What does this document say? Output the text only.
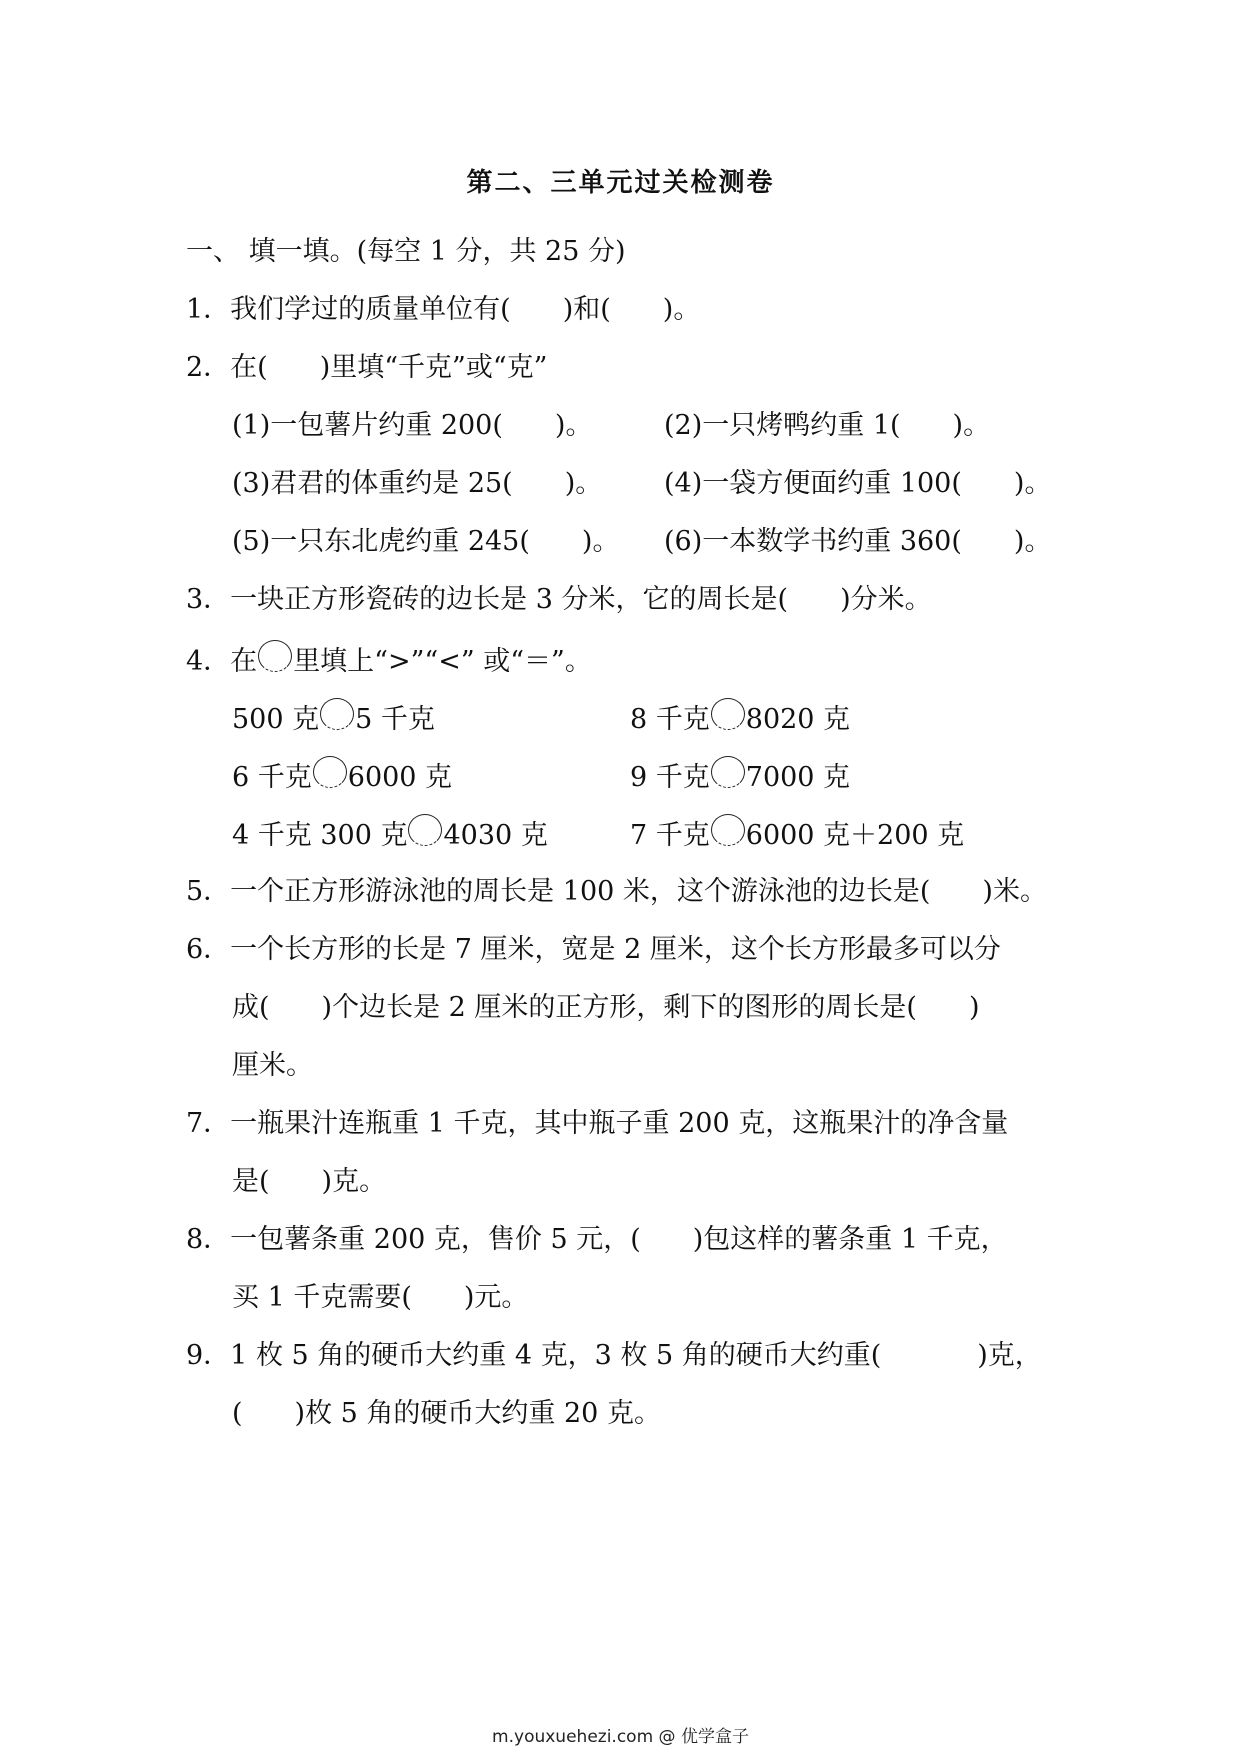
第二、三单元过关检测卷
一、 填一填。(每空 1 分，共 25 分)
1．我们学过的质量单位有( )和( )。
2．在( )里填“千克”或“克”
(1)一包薯片约重 200( )。	(2)一只烤鸭约重 1( )。
(3)君君的体重约是 25( )。 (4)一袋方便面约重 100( )。
(5)一只东北虎约重 245( )。 (6)一本数学书约重 360( )。
3．一块正方形瓷砖的边长是 3 分米，它的周长是( )分米。
4．在 里填上“>”“<” 或“＝”。
500 克 5 千克	8 千克 8020 克
6 千克 6000 克	9 千克 7000 克
4 千克 300 克 4030 克	7 千克 6000 克＋200 克
5．一个正方形游泳池的周长是 100 米，这个游泳池的边长是( )米。
6．一个长方形的长是 7 厘米，宽是 2 厘米，这个长方形最多可以分
成( )个边长是 2 厘米的正方形，剩下的图形的周长是( )
厘米。
7．一瓶果汁连瓶重 1 千克，其中瓶子重 200 克，这瓶果汁的净含量
是( )克。
8．一包薯条重 200 克，售价 5 元，( )包这样的薯条重 1 千克，
买 1 千克需要( )元。
9．1 枚 5 角的硬币大约重 4 克，3 枚 5 角的硬币大约重(	)克，
( )枚 5 角的硬币大约重 20 克。
m.youxuehezi.com @ 优学盒子
